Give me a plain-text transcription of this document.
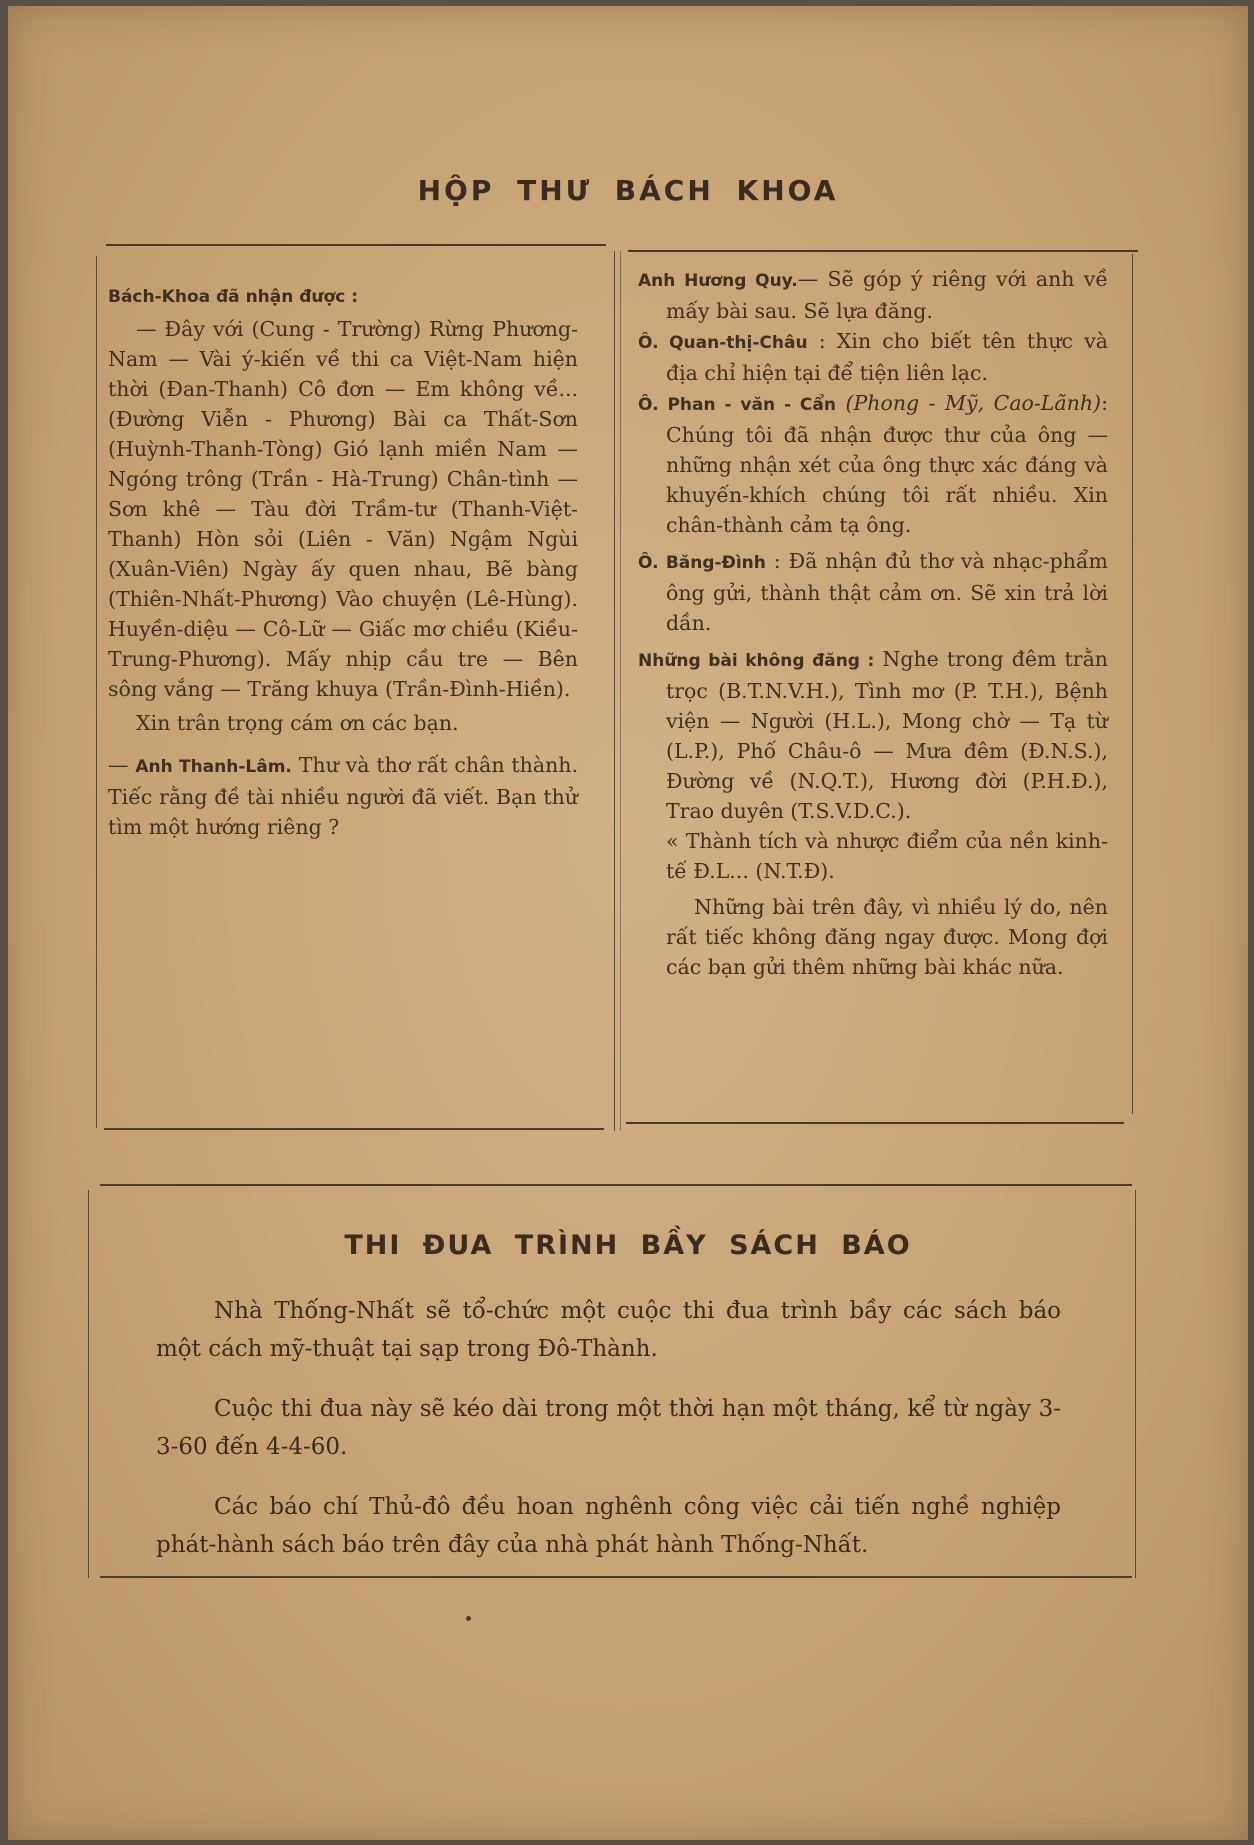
HỘP THƯ BÁCH KHOA

Bách-Khoa đã nhận được :

— Đây với (Cung - Trường) Rừng Phương-Nam — Vài ý-kiến về thi ca Việt-Nam hiện thời (Đan-Thanh) Cô đơn — Em không về... (Đường Viễn - Phương) Bài ca Thất-Sơn (Huỳnh-Thanh-Tòng) Gió lạnh miền Nam — Ngóng trông (Trần - Hà-Trung) Chân-tình — Sơn khê — Tàu đời Trầm-tư (Thanh-Việt-Thanh) Hòn sỏi (Liên - Văn) Ngậm Ngùi (Xuân-Viên) Ngày ấy quen nhau, Bẽ bàng (Thiên-Nhất-Phương) Vào chuyện (Lê-Hùng). Huyền-diệu — Cô-Lữ — Giấc mơ chiều (Kiều-Trung-Phương). Mấy nhịp cầu tre — Bên sông vắng — Trăng khuya (Trần-Đình-Hiền).

Xin trân trọng cám ơn các bạn.

— Anh Thanh-Lâm. Thư và thơ rất chân thành. Tiếc rằng đề tài nhiều người đã viết. Bạn thử tìm một hướng riêng ?

Anh Hương Quy.— Sẽ góp ý riêng với anh về mấy bài sau. Sẽ lựa đăng.

Ô. Quan-thị-Châu : Xin cho biết tên thực và địa chỉ hiện tại để tiện liên lạc.

Ô. Phan - văn - Cẩn (Phong - Mỹ, Cao-Lãnh): Chúng tôi đã nhận được thư của ông — những nhận xét của ông thực xác đáng và khuyến-khích chúng tôi rất nhiều. Xin chân-thành cảm tạ ông.

Ô. Băng-Đình : Đã nhận đủ thơ và nhạc-phẩm ông gửi, thành thật cảm ơn. Sẽ xin trả lời dần.

Những bài không đăng : Nghe trong đêm trằn trọc (B.T.N.V.H.), Tình mơ (P. T.H.), Bệnh viện — Người (H.L.), Mong chờ — Tạ từ (L.P.), Phố Châu-ô — Mưa đêm (Đ.N.S.), Đường về (N.Q.T.), Hương đời (P.H.Đ.), Trao duyên (T.S.V.D.C.).

« Thành tích và nhược điểm của nền kinh-tế Đ.L... (N.T.Đ).

Những bài trên đây, vì nhiều lý do, nên rất tiếc không đăng ngay được. Mong đợi các bạn gửi thêm những bài khác nữa.

THI ĐUA TRÌNH BẦY SÁCH BÁO

Nhà Thống-Nhất sẽ tổ-chức một cuộc thi đua trình bầy các sách báo một cách mỹ-thuật tại sạp trong Đô-Thành.

Cuộc thi đua này sẽ kéo dài trong một thời hạn một tháng, kể từ ngày 3-3-60 đến 4-4-60.

Các báo chí Thủ-đô đều hoan nghênh công việc cải tiến nghề nghiệp phát-hành sách báo trên đây của nhà phát hành Thống-Nhất.
